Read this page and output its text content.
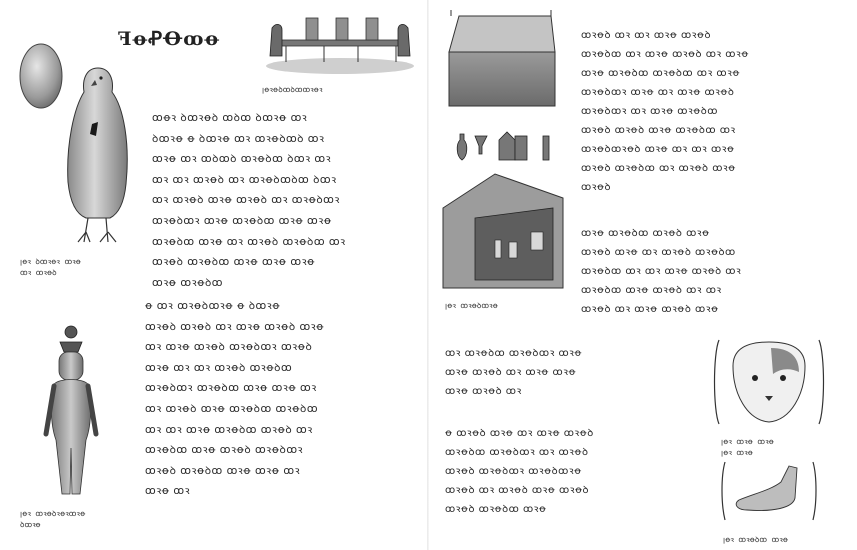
ꞁꝋꝛ ꝺꝏꝛꝋꝛ ꝏꝛꝋ
ꝏꝛ ꝏꝛꝋꝺ
ꟻꝋꝒꝊꝏꝋ
ꞁꝋꝛꝋꝺꝏꝺꝏꝏꝛꝋꝛ
ꝏꝋꝛ ꝺꝏꝛꝋꝺ ꝏꝺꝏ ꝺꝏꝛꝋ ꝏꝛ
ꝺꝏꝛꝋ ꝋ ꝺꝏꝛꝋ ꝏꝛ ꝏꝛꝋꝺꝏꝺ ꝏꝛ
ꝏꝛꝋ ꝏꝛ ꝏꝺꝏꝺ ꝏꝛꝋꝺꝏ ꝺꝏꝛ ꝏꝛ
ꝏꝛ ꝏꝛ ꝏꝛꝋꝺ ꝏꝛ ꝏꝛꝋꝺꝏꝺꝏ ꝺꝏꝛ
ꝏꝛ ꝏꝛꝋꝺ ꝏꝛꝋ ꝏꝛꝋꝺ ꝏꝛ ꝏꝛꝋꝺꝏꝛ
ꝏꝛꝋꝺꝏꝛ ꝏꝛꝋ ꝏꝛꝋꝺꝏ ꝏꝛꝋ ꝏꝛꝋ
ꝏꝛꝋꝺꝏ ꝏꝛꝋ ꝏꝛ ꝏꝛꝋꝺ ꝏꝛꝋꝺꝏ ꝏꝛ
ꝏꝛꝋꝺ ꝏꝛꝋꝺꝏ ꝏꝛꝋ ꝏꝛꝋ ꝏꝛꝋ
ꝏꝛꝋ ꝏꝛꝋꝺꝏ
ꞁꝋꝛ ꝏꝛꝋꝺꝛꝋꝛꝏꝛꝋ
ꝺꝏꝛꝋ
ꝋ ꝏꝛ ꝏꝛꝋꝺꝏꝛꝋ ꝋ ꝺꝏꝛꝋ
ꝏꝛꝋꝺ ꝏꝛꝋꝺ ꝏꝛ ꝏꝛꝋ ꝏꝛꝋꝺ ꝏꝛꝋ
ꝏꝛ ꝏꝛꝋ ꝏꝛꝋꝺ ꝏꝛꝋꝺꝏꝛ ꝏꝛꝋꝺ
ꝏꝛꝋ ꝏꝛ ꝏꝛ ꝏꝛꝋꝺ ꝏꝛꝋꝺꝏ
ꝏꝛꝋꝺꝏꝛ ꝏꝛꝋꝺꝏ ꝏꝛꝋ ꝏꝛꝋ ꝏꝛ
ꝏꝛ ꝏꝛꝋꝺ ꝏꝛꝋ ꝏꝛꝋꝺꝏ ꝏꝛꝋꝺꝏ
ꝏꝛ ꝏꝛ ꝏꝛꝋ ꝏꝛꝋꝺꝏ ꝏꝛꝋꝺ ꝏꝛ
ꝏꝛꝋꝺꝏ ꝏꝛꝋ ꝏꝛꝋꝺ ꝏꝛꝋꝺꝏꝛ
ꝏꝛꝋꝺ ꝏꝛꝋꝺꝏ ꝏꝛꝋ ꝏꝛꝋ ꝏꝛ
ꝏꝛꝋ ꝏꝛ
ꞁꝋꝛ ꝏꝛꝋꝺꝏꝛꝋ
ꝏꝛꝋꝺ ꝏꝛ ꝏꝛ ꝏꝛꝋ ꝏꝛꝋꝺ
ꝏꝛꝋꝺꝏ ꝏꝛ ꝏꝛꝋ ꝏꝛꝋꝺ ꝏꝛ ꝏꝛꝋ
ꝏꝛꝋ ꝏꝛꝋꝺꝏ ꝏꝛꝋꝺꝏ ꝏꝛ ꝏꝛꝋ
ꝏꝛꝋꝺꝏꝛ ꝏꝛꝋ ꝏꝛ ꝏꝛꝋ ꝏꝛꝋꝺ
ꝏꝛꝋꝺꝏꝛ ꝏꝛ ꝏꝛꝋ ꝏꝛꝋꝺꝏ
ꝏꝛꝋꝺ ꝏꝛꝋꝺ ꝏꝛꝋ ꝏꝛꝋꝺꝏ ꝏꝛ
ꝏꝛꝋꝺꝏꝛꝋꝺ ꝏꝛꝋ ꝏꝛ ꝏꝛ ꝏꝛꝋ
ꝏꝛꝋꝺ ꝏꝛꝋꝺꝏ ꝏꝛ ꝏꝛꝋꝺ ꝏꝛꝋ
ꝏꝛꝋꝺ
ꝏꝛꝋ ꝏꝛꝋꝺꝏ ꝏꝛꝋꝺ ꝏꝛꝋ
ꝏꝛꝋꝺ ꝏꝛꝋ ꝏꝛ ꝏꝛꝋꝺ ꝏꝛꝋꝺꝏ
ꝏꝛꝋꝺꝏ ꝏꝛ ꝏꝛ ꝏꝛꝋ ꝏꝛꝋꝺ ꝏꝛ
ꝏꝛꝋꝺꝏ ꝏꝛꝋ ꝏꝛꝋꝺ ꝏꝛ ꝏꝛ
ꝏꝛꝋꝺ ꝏꝛ ꝏꝛꝋ ꝏꝛꝋꝺ ꝏꝛꝋ
ꝏꝛ ꝏꝛꝋꝺꝏ ꝏꝛꝋꝺꝏꝛ ꝏꝛꝋ
ꝏꝛꝋ ꝏꝛꝋꝺ ꝏꝛ ꝏꝛꝋ ꝏꝛꝋ
ꝏꝛꝋ ꝏꝛꝋꝺ ꝏꝛ
ꝋ ꝏꝛꝋꝺ ꝏꝛꝋ ꝏꝛ ꝏꝛꝋ ꝏꝛꝋꝺ
ꝏꝛꝋꝺꝏ ꝏꝛꝋꝺꝏꝛ ꝏꝛ ꝏꝛꝋꝺ
ꝏꝛꝋꝺ ꝏꝛꝋꝺꝏꝛ ꝏꝛꝋꝺꝏꝛꝋ
ꝏꝛꝋꝺ ꝏꝛ ꝏꝛꝋꝺ ꝏꝛꝋ ꝏꝛꝋꝺ
ꝏꝛꝋꝺ ꝏꝛꝋꝺꝏ ꝏꝛꝋ
ꞁꝋꝛ ꝏꝛꝋ ꝏꝛꝋ
ꞁꝋꝛ ꝏꝛꝋ
ꞁꝋꝛ ꝏꝛꝋꝺꝏ ꝏꝛꝋ
